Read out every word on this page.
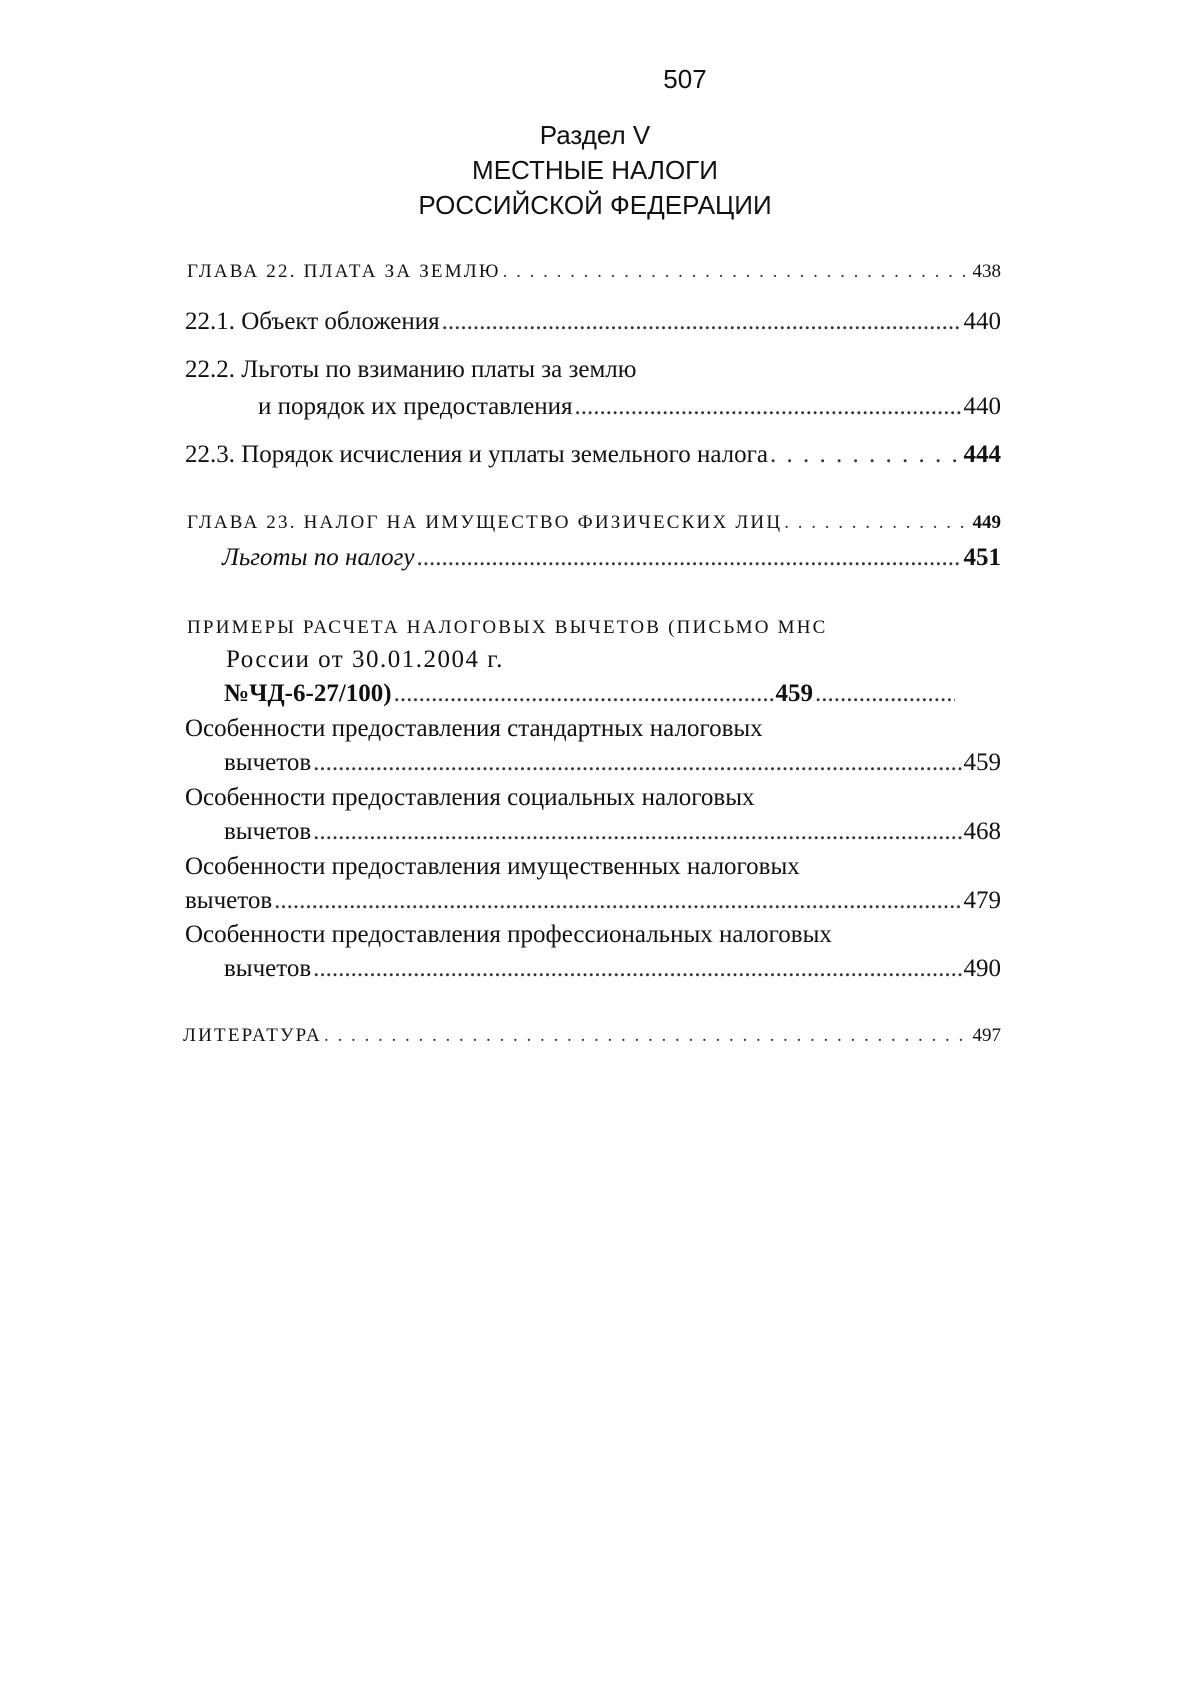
507
Раздел V
МЕСТНЫЕ НАЛОГИ
РОССИЙСКОЙ ФЕДЕРАЦИИ
ГЛАВА 22. ПЛАТА ЗА ЗЕМЛЮ . . .	438
22.1. Объект обложения .....	440
22.2. Льготы по взиманию платы за землю
и порядок их предоставления .....	440
22.3. Порядок исчисления и уплаты земельного налога . . .	444
ГЛАВА 23. НАЛОГ НА ИМУЩЕСТВО ФИЗИЧЕСКИХ ЛИЦ . . .	449
Льготы по налогу .....	451
ПРИМЕРЫ РАСЧЕТА НАЛОГОВЫХ ВЫЧЕТОВ (ПИСЬМО МНС
России от 30.01.2004 г.
№ЧД-6-27/100) .....	459
.....
Особенности предоставления стандартных налоговых
вычетов .....	459
Особенности предоставления социальных налоговых
вычетов .....	468
Особенности предоставления имущественных налоговых
вычетов .....	479
Особенности предоставления профессиональных налоговых
вычетов .....	490
ЛИТЕРАТУРА . . .	497
